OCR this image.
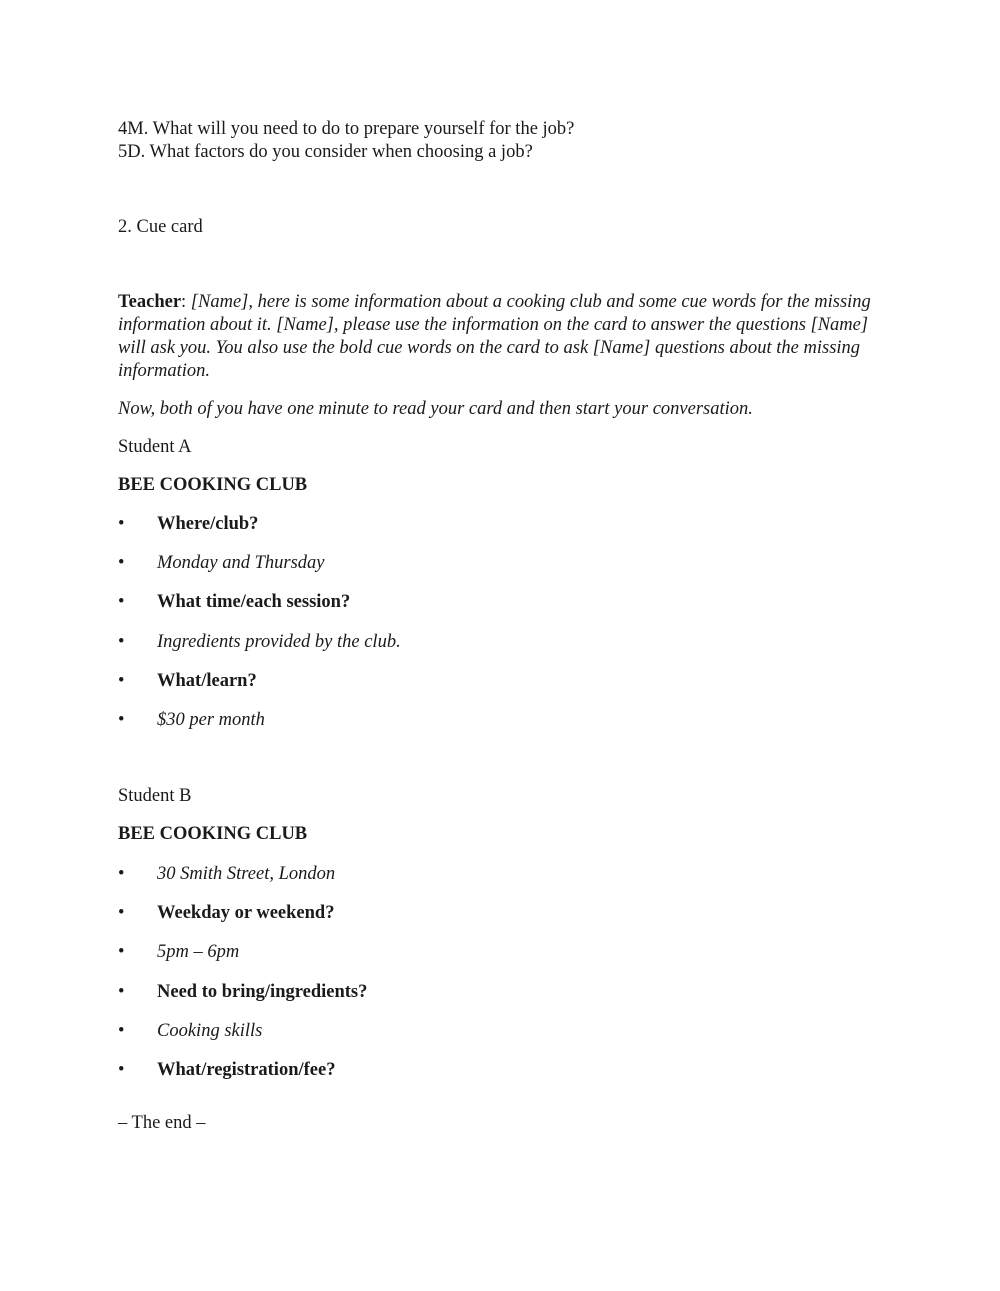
4M. What will you need to do to prepare yourself for the job?
5D. What factors do you consider when choosing a job?
2. Cue card
Teacher: [Name], here is some information about a cooking club and some cue words for the missing information about it. [Name], please use the information on the card to answer the questions [Name] will ask you. You also use the bold cue words on the card to ask [Name] questions about the missing information.
Now, both of you have one minute to read your card and then start your conversation.
Student A
BEE COOKING CLUB
• Where/club?
• Monday and Thursday
• What time/each session?
• Ingredients provided by the club.
• What/learn?
• $30 per month
Student B
BEE COOKING CLUB
• 30 Smith Street, London
• Weekday or weekend?
• 5pm – 6pm
• Need to bring/ingredients?
• Cooking skills
• What/registration/fee?
– The end –
